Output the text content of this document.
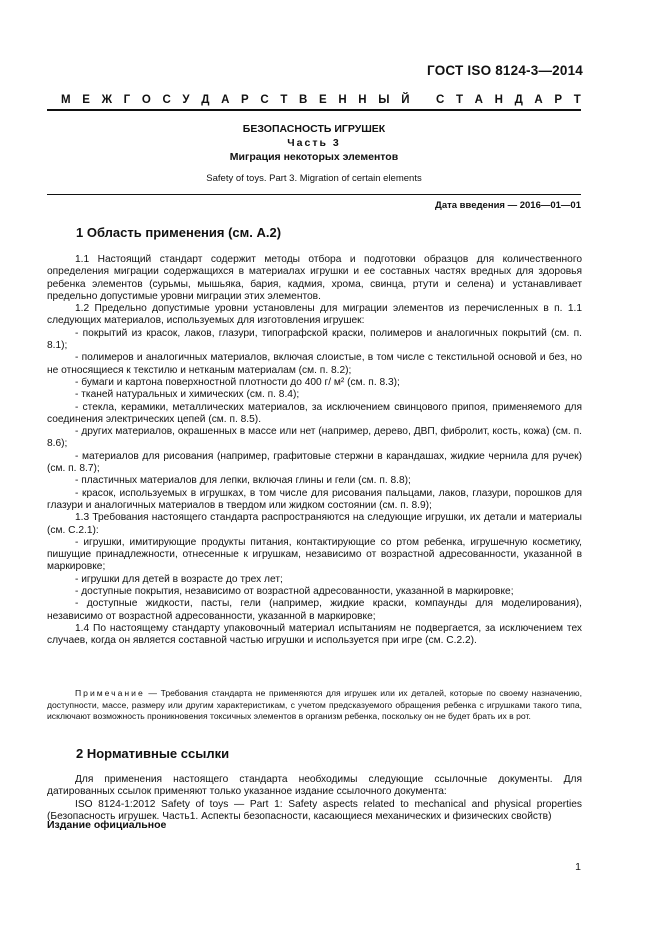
ГОСТ ISO 8124-3—2014
М Е Ж Г О С У Д А Р С Т В Е Н Н Ы Й
С Т А Н Д А Р Т
БЕЗОПАСНОСТЬ ИГРУШЕК
Часть 3
Миграция некоторых элементов
Safety of toys. Part 3. Migration of certain elements
Дата введения — 2016—01—01
1 Область применения (см. А.2)

1.1 Настоящий стандарт содержит методы отбора и подготовки образцов для количественного определения миграции содержащихся в материалах игрушки и ее составных частях вредных для здоровья ребенка элементов (сурьмы, мышьяка, бария, кадмия, хрома, свинца, ртути и селена) и устанавливает предельно допустимые уровни миграции этих элементов.

1.2 Предельно допустимые уровни установлены для миграции элементов из перечисленных в п. 1.1 следующих материалов, используемых для изготовления игрушек:

- покрытий из красок, лаков, глазури, типографской краски, полимеров и аналогичных покрытий (см. п. 8.1);

- полимеров и аналогичных материалов, включая слоистые, в том числе с текстильной основой и без, но не относящиеся к текстилю и нетканым материалам (см. п. 8.2);

- бумаги и картона поверхностной плотности до 400 г/ м² (см. п. 8.3);

- тканей натуральных и химических (см. п. 8.4);

- стекла, керамики, металлических материалов, за исключением свинцового припоя, применяемого для соединения электрических цепей (см. п. 8.5).

- других материалов, окрашенных в массе или нет (например, дерево, ДВП, фибролит, кость, кожа) (см. п. 8.6);

- материалов для рисования (например, графитовые стержни в карандашах, жидкие чернила для ручек) (см. п. 8.7);

- пластичных материалов для лепки, включая глины и гели (см. п. 8.8);

- красок, используемых в игрушках, в том числе для рисования пальцами, лаков, глазури, порошков для глазури и аналогичных материалов в твердом или жидком состоянии (см. п. 8.9);

1.3 Требования настоящего стандарта распространяются на следующие игрушки, их детали и материалы (см. С.2.1):

- игрушки, имитирующие продукты питания, контактирующие со ртом ребенка, игрушечную косметику, пишущие принадлежности, отнесенные к игрушкам, независимо от возрастной адресованности, указанной в маркировке;

- игрушки для детей в возрасте до трех лет;

- доступные покрытия, независимо от возрастной адресованности, указанной в маркировке;

- доступные жидкости, пасты, гели (например, жидкие краски, компаунды для моделирования), независимо от возрастной адресованности, указанной в маркировке;

1.4 По настоящему стандарту упаковочный материал испытаниям не подвергается, за исключением тех случаев, когда он является составной частью игрушки и используется при игре (см. С.2.2).

Примечание — Требования стандарта не применяются для игрушек или их деталей, которые по своему назначению, доступности, массе, размеру или другим характеристикам, с учетом предсказуемого обращения ребенка с игрушками такого типа, исключают возможность проникновения токсичных элементов в организм ребенка, поскольку он не будет брать их в рот.

2 Нормативные ссылки

Для применения настоящего стандарта необходимы следующие ссылочные документы. Для датированных ссылок применяют только указанное издание ссылочного документа:

ISO 8124-1:2012 Safety of toys — Part 1: Safety aspects related to mechanical and physical properties (Безопасность игрушек. Часть1. Аспекты безопасности, касающиеся механических и физических свойств)

Издание официальное
1
